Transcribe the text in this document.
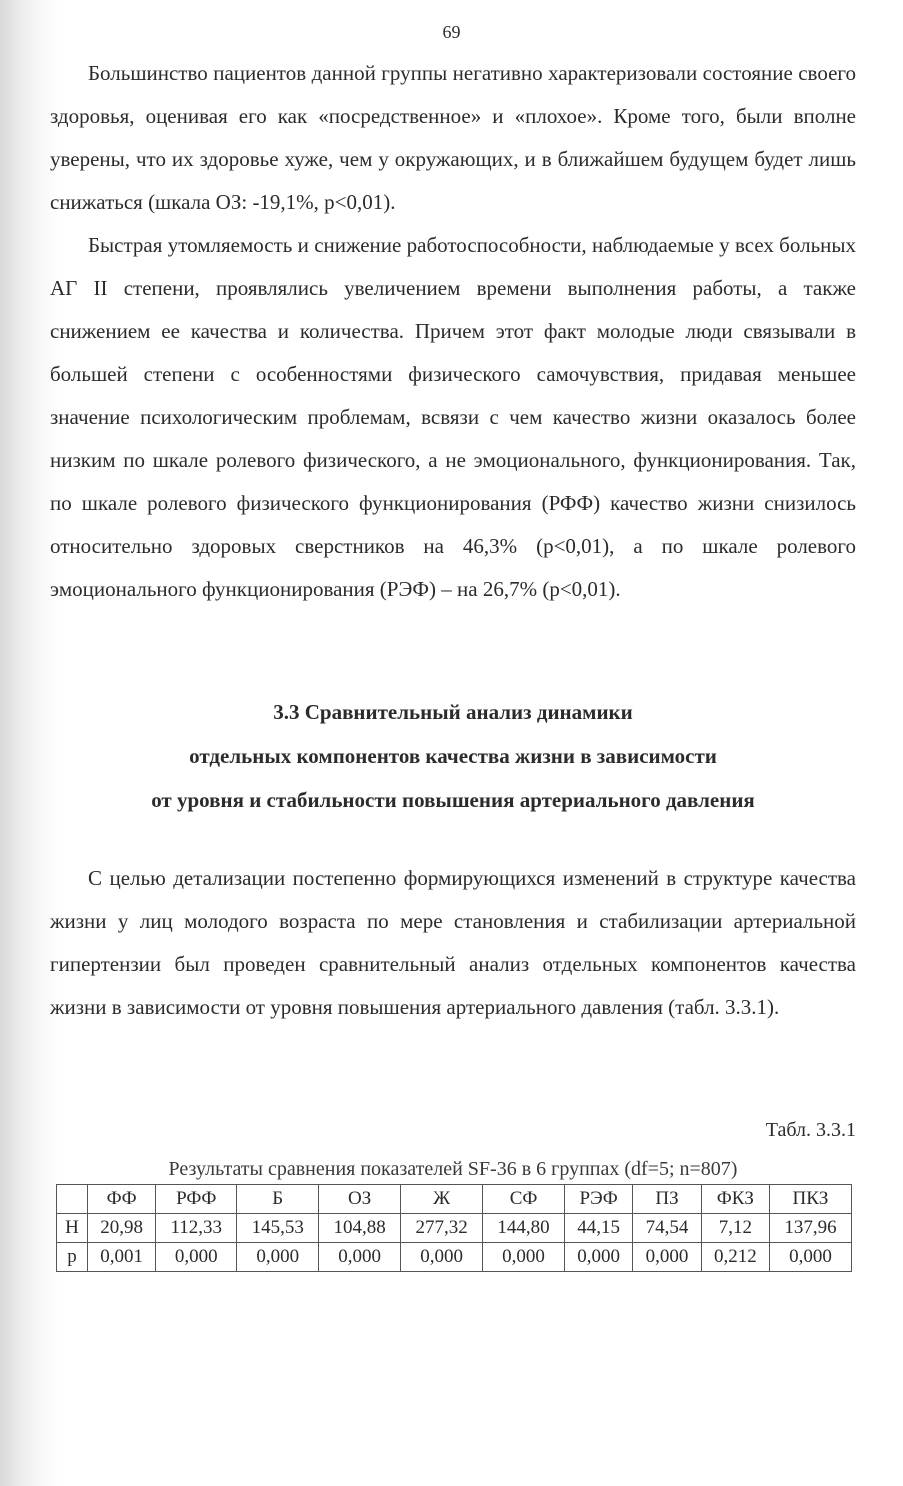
69

Большинство пациентов данной группы негативно характеризовали состояние своего здоровья, оценивая его как «посредственное» и «плохое». Кроме того, были вполне уверены, что их здоровье хуже, чем у окружающих, и в ближайшем будущем будет лишь снижаться (шкала ОЗ: -19,1%, p<0,01).

Быстрая утомляемость и снижение работоспособности, наблюдаемые у всех больных АГ II степени, проявлялись увеличением времени выполнения работы, а также снижением ее качества и количества. Причем этот факт молодые люди связывали в большей степени с особенностями физического самочувствия, придавая меньшее значение психологическим проблемам, всвязи с чем качество жизни оказалось более низким по шкале ролевого физического, а не эмоционального, функционирования. Так, по шкале ролевого физического функционирования (РФФ) качество жизни снизилось относительно здоровых сверстников на 46,3% (p<0,01), а по шкале ролевого эмоционального функционирования (РЭФ) – на 26,7% (p<0,01).

3.3 Сравнительный анализ динамики
отдельных компонентов качества жизни в зависимости
от уровня и стабильности повышения артериального давления

С целью детализации постепенно формирующихся изменений в структуре качества жизни у лиц молодого возраста по мере становления и стабилизации артериальной гипертензии был проведен сравнительный анализ отдельных компонентов качества жизни в зависимости от уровня повышения артериального давления (табл. 3.3.1).

Табл. 3.3.1
Результаты сравнения показателей SF-36 в 6 группах (df=5; n=807)
	ФФ	РФФ	Б	ОЗ	Ж	СФ	РЭФ	ПЗ	ФКЗ	ПКЗ
H	20,98	112,33	145,53	104,88	277,32	144,80	44,15	74,54	7,12	137,96
p	0,001	0,000	0,000	0,000	0,000	0,000	0,000	0,000	0,212	0,000
